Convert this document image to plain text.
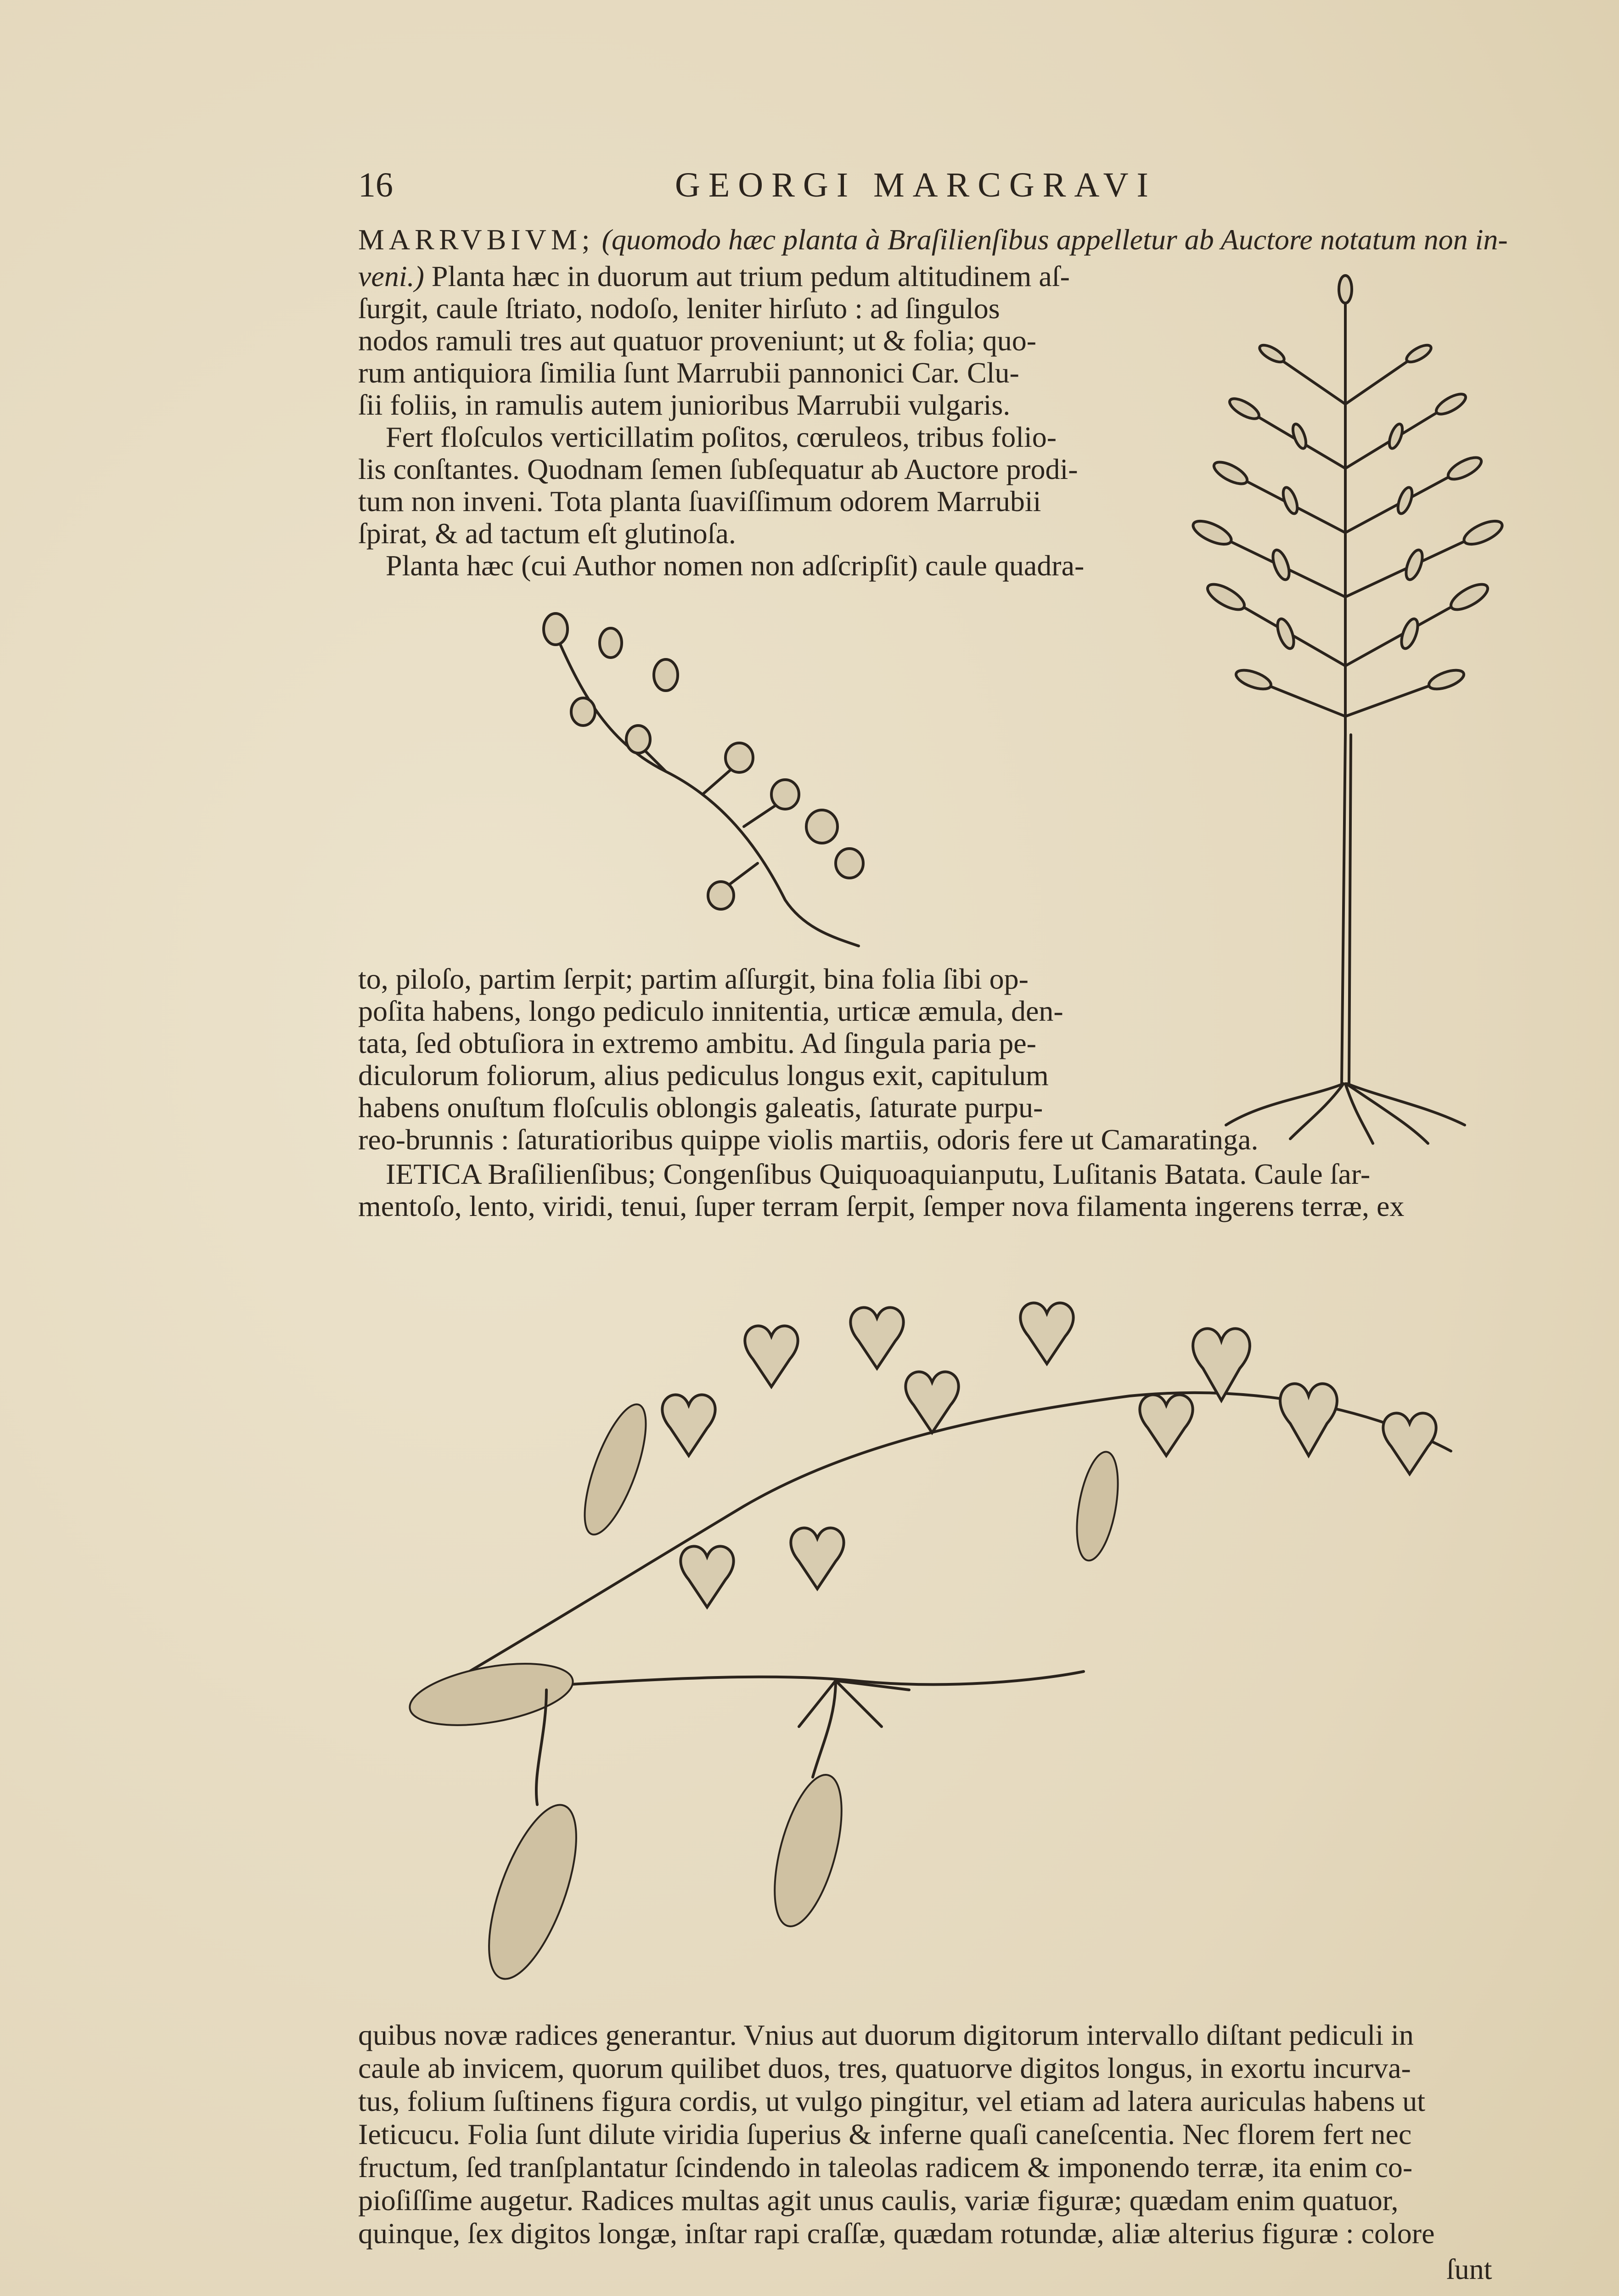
16	GEORGI MARCGRAVI
MARRVBIVM; (quomodo hæc planta à Braſilienſibus appelletur ab Auctore notatum non in-
veni.) Planta hæc in duorum aut trium pedum altitudinem aſ-
ſurgit, caule ſtriato, nodoſo, leniter hirſuto : ad ſingulos
nodos ramuli tres aut quatuor proveniunt; ut & folia; quo-
rum antiquiora ſimilia ſunt Marrubii pannonici Car. Clu-
ſii foliis, in ramulis autem junioribus Marrubii vulgaris.
Fert floſculos verticillatim poſitos, cœruleos, tribus folio-
lis conſtantes. Quodnam ſemen ſubſequatur ab Auctore prodi-
tum non inveni. Tota planta ſuaviſſimum odorem Marrubii
ſpirat, & ad tactum eſt glutinoſa.
Planta hæc (cui Author nomen non adſcripſit) caule quadra-
to, piloſo, partim ſerpit; partim aſſurgit, bina folia ſibi op-
poſita habens, longo pediculo innitentia, urticæ æmula, den-
tata, ſed obtuſiora in extremo ambitu. Ad ſingula paria pe-
diculorum foliorum, alius pediculus longus exit, capitulum
habens onuſtum floſculis oblongis galeatis, ſaturate purpu-
reo-brunnis : ſaturatioribus quippe violis martiis, odoris fere ut Camaratinga.
IETICA Braſilienſibus; Congenſibus Quiquoaquianputu, Luſitanis Batata. Caule ſar-
mentoſo, lento, viridi, tenui, ſuper terram ſerpit, ſemper nova filamenta ingerens terræ, ex
quibus novæ radices generantur. Vnius aut duorum digitorum intervallo diſtant pediculi in
caule ab invicem, quorum quilibet duos, tres, quatuorve digitos longus, in exortu incurva-
tus, folium ſuſtinens figura cordis, ut vulgo pingitur, vel etiam ad latera auriculas habens ut
Ieticucu. Folia ſunt dilute viridia ſuperius & inferne quaſi caneſcentia. Nec florem fert nec
fructum, ſed tranſplantatur ſcindendo in taleolas radicem & imponendo terræ, ita enim co-
pioſiſſime augetur. Radices multas agit unus caulis, variæ figuræ; quædam enim quatuor,
quinque, ſex digitos longæ, inſtar rapi craſſæ, quædam rotundæ, aliæ alterius figuræ : colore
ſunt
